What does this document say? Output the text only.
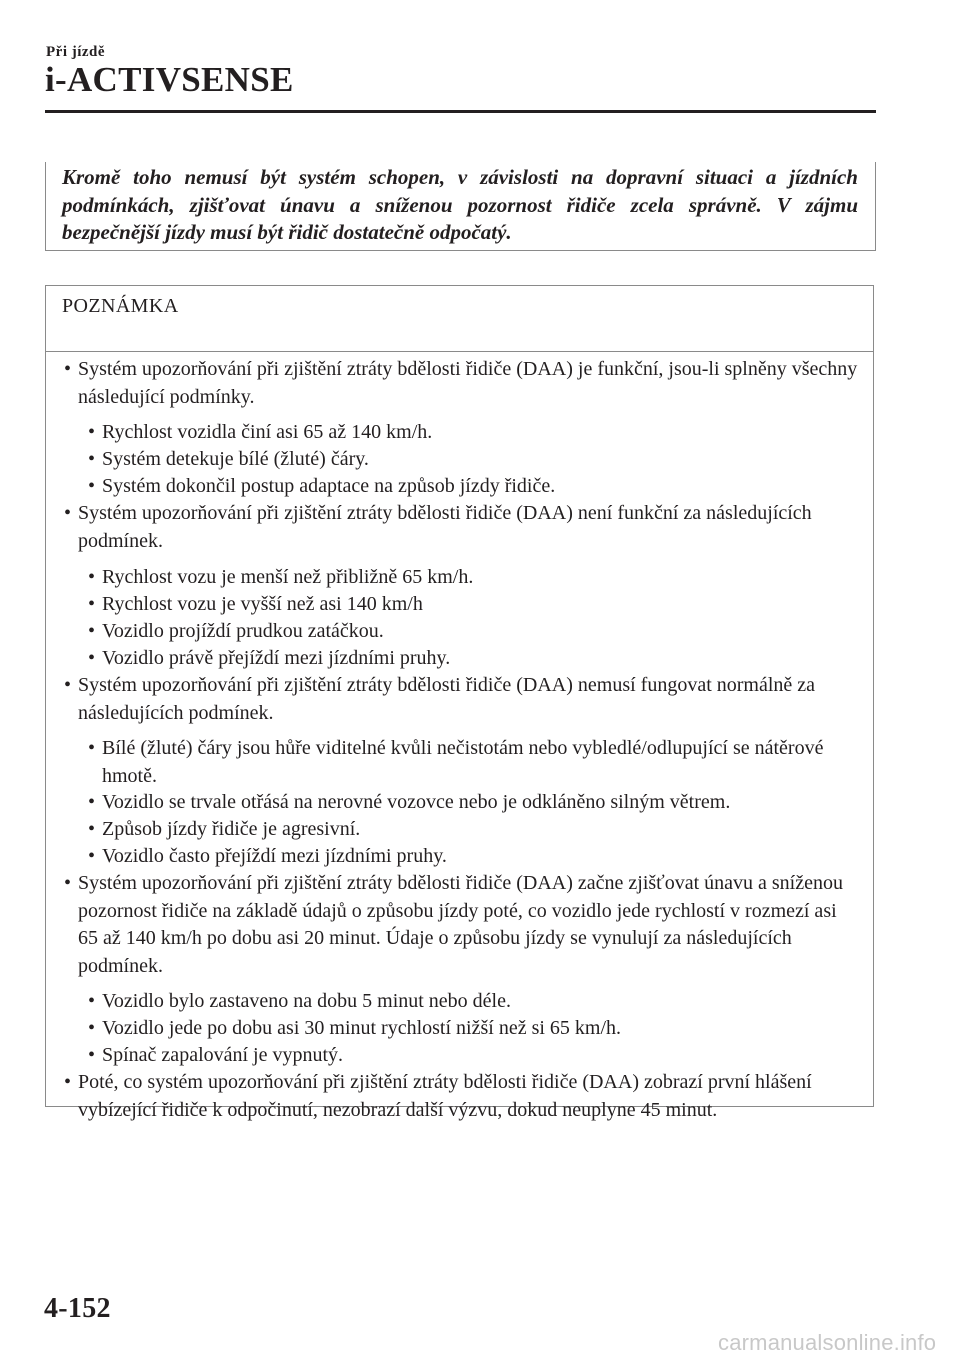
Při jízdě
i-ACTIVSENSE

Kromě toho nemusí být systém schopen, v závislosti na dopravní situaci a jízdních podmínkách, zjišťovat únavu a sníženou pozornost řidiče zcela správně. V zájmu bezpečnější jízdy musí být řidič dostatečně odpočatý.

POZNÁMKA
• Systém upozorňování při zjištění ztráty bdělosti řidiče (DAA) je funkční, jsou-li splněny všechny následující podmínky.
• Rychlost vozidla činí asi 65 až 140 km/h.
• Systém detekuje bílé (žluté) čáry.
• Systém dokončil postup adaptace na způsob jízdy řidiče.
• Systém upozorňování při zjištění ztráty bdělosti řidiče (DAA) není funkční za následujících podmínek.
• Rychlost vozu je menší než přibližně 65 km/h.
• Rychlost vozu je vyšší než asi 140 km/h
• Vozidlo projíždí prudkou zatáčkou.
• Vozidlo právě přejíždí mezi jízdními pruhy.
• Systém upozorňování při zjištění ztráty bdělosti řidiče (DAA) nemusí fungovat normálně za následujících podmínek.
• Bílé (žluté) čáry jsou hůře viditelné kvůli nečistotám nebo vybledlé/odlupující se nátěrové hmotě.
• Vozidlo se trvale otřásá na nerovné vozovce nebo je odkláněno silným větrem.
• Způsob jízdy řidiče je agresivní.
• Vozidlo často přejíždí mezi jízdními pruhy.
• Systém upozorňování při zjištění ztráty bdělosti řidiče (DAA) začne zjišťovat únavu a sníženou pozornost řidiče na základě údajů o způsobu jízdy poté, co vozidlo jede rychlostí v rozmezí asi 65 až 140 km/h po dobu asi 20 minut. Údaje o způsobu jízdy se vynulují za následujících podmínek.
• Vozidlo bylo zastaveno na dobu 5 minut nebo déle.
• Vozidlo jede po dobu asi 30 minut rychlostí nižší než si 65 km/h.
• Spínač zapalování je vypnutý.
• Poté, co systém upozorňování při zjištění ztráty bdělosti řidiče (DAA) zobrazí první hlášení vybízející řidiče k odpočinutí, nezobrazí další výzvu, dokud neuplyne 45 minut.
4-152
carmanualsonline.info
